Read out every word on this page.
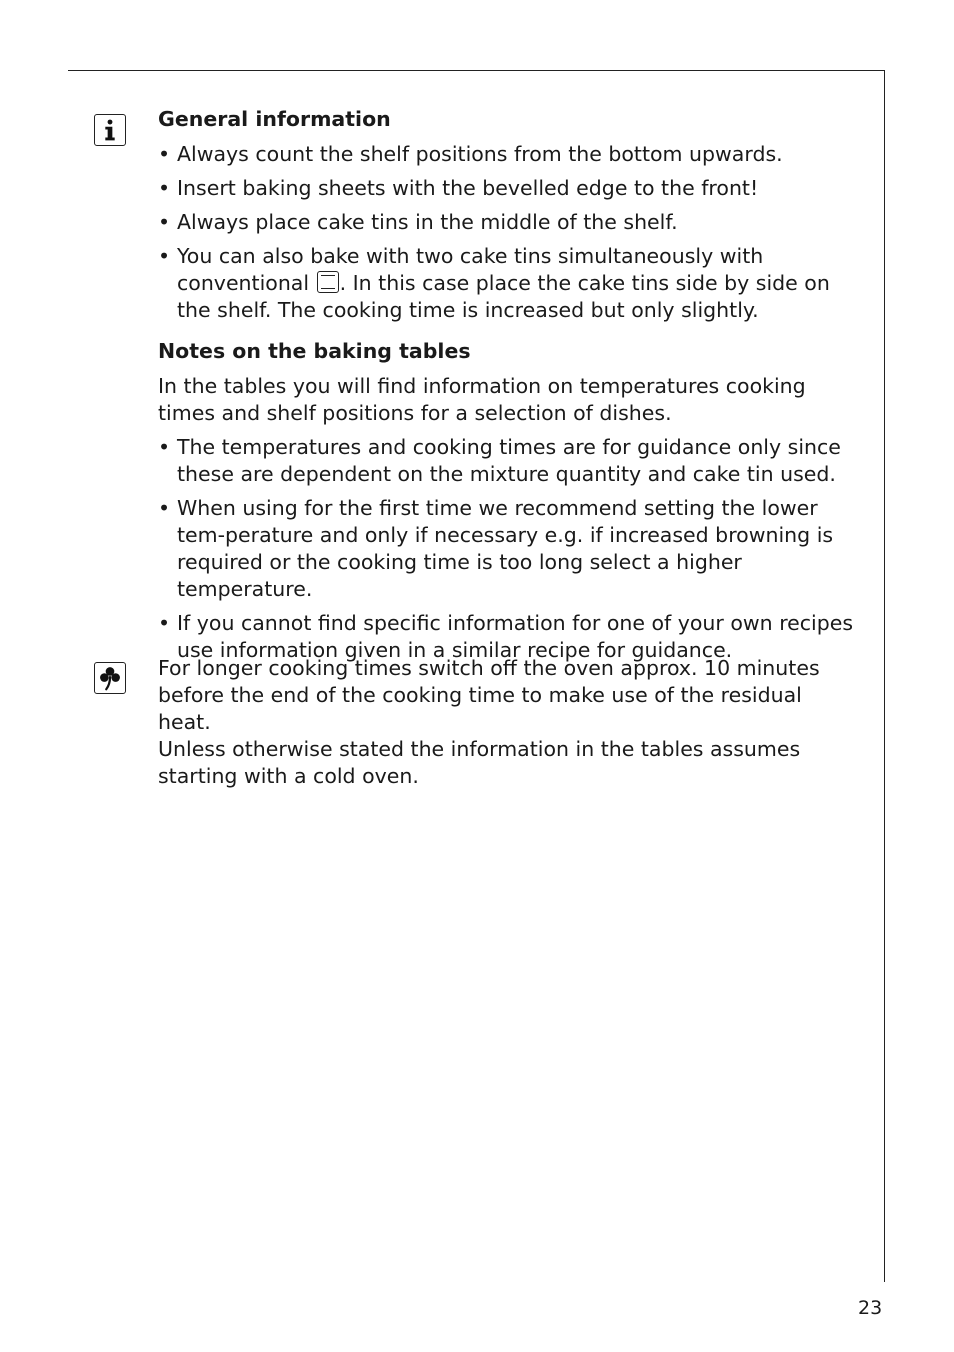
General information
• Always count the shelf positions from the bottom upwards.
• Insert baking sheets with the bevelled edge to the front!
• Always place cake tins in the middle of the shelf.
• You can also bake with two cake tins simultaneously with conventional . In this case place the cake tins side by side on the shelf. The cooking time is increased but only slightly.
Notes on the baking tables

In the tables you will find information on temperatures cooking times and shelf positions for a selection of dishes.

• The temperatures and cooking times are for guidance only since these are dependent on the mixture quantity and cake tin used.
• When using for the first time we recommend setting the lower tem-perature and only if necessary e.g. if increased browning is required or the cooking time is too long select a higher temperature.
• If you cannot find specific information for one of your own recipes use information given in a similar recipe for guidance.

For longer cooking times switch off the oven approx. 10 minutes before the end of the cooking time to make use of the residual heat.

Unless otherwise stated the information in the tables assumes starting with a cold oven.

23
